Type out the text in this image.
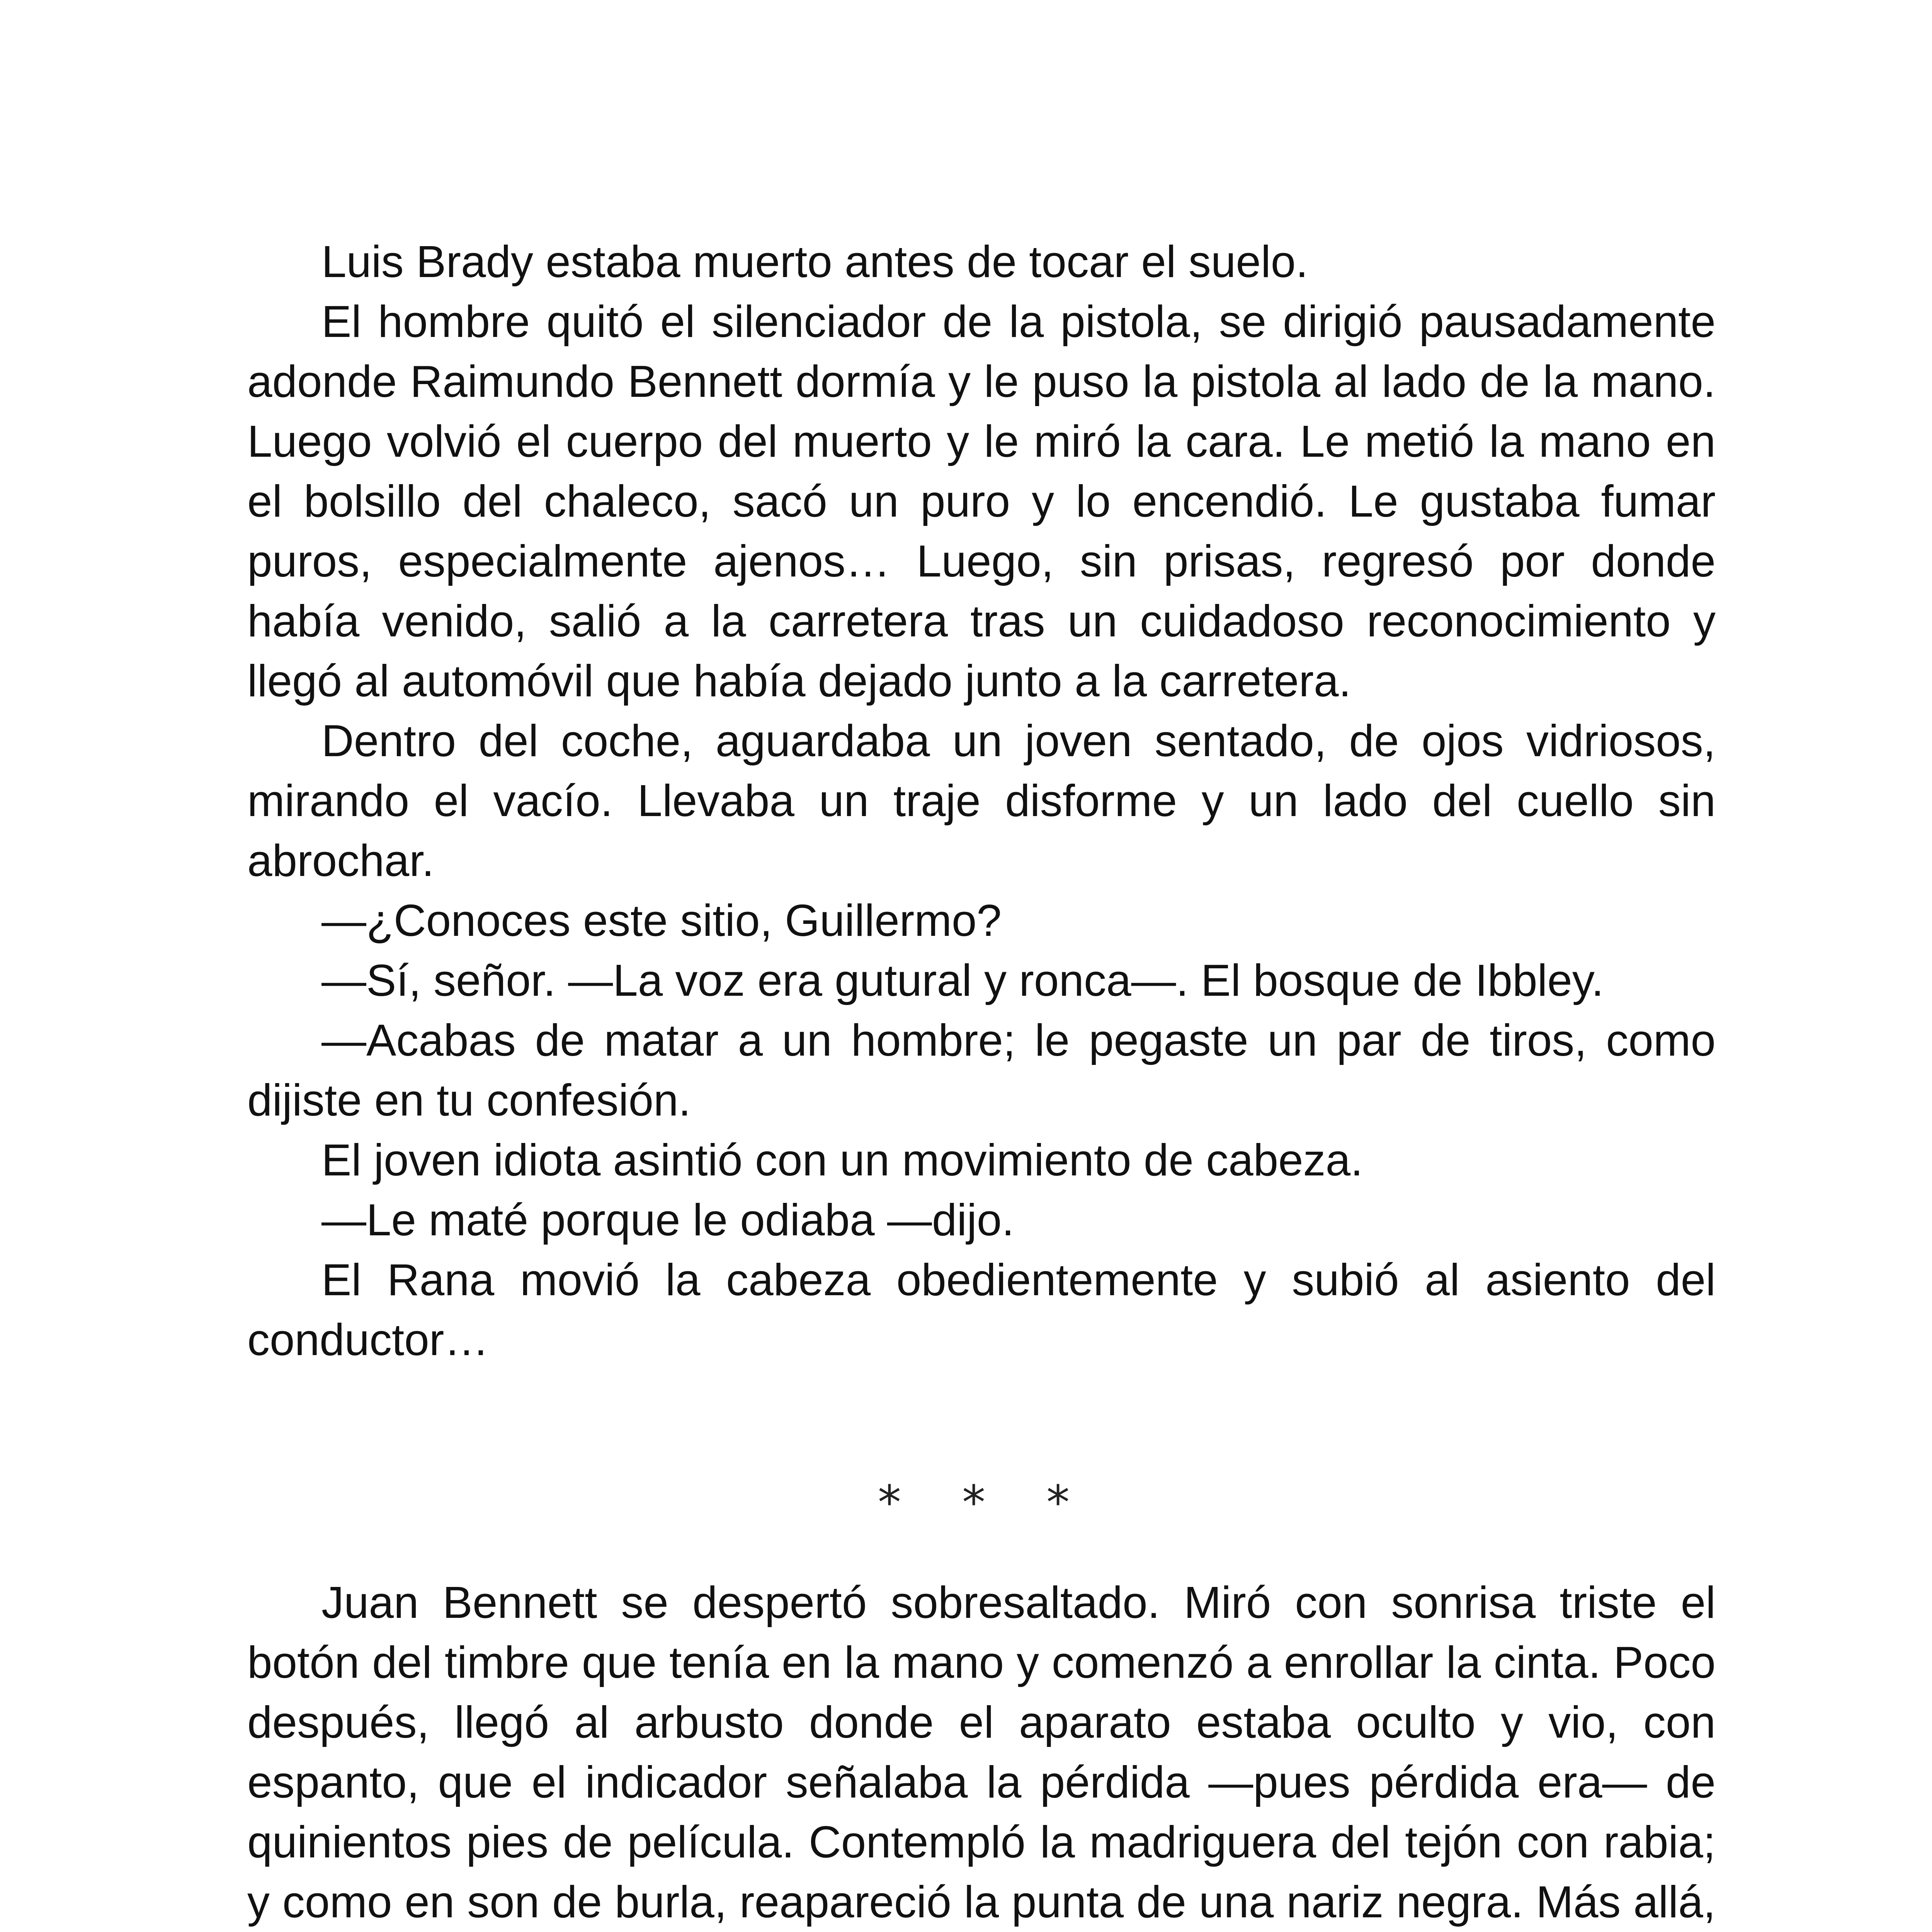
Luis Brady estaba muerto antes de tocar el suelo.

El hombre quitó el silenciador de la pistola, se dirigió pausadamente adonde Raimundo Bennett dormía y le puso la pistola al lado de la mano. Luego volvió el cuerpo del muerto y le miró la cara. Le metió la mano en el bolsillo del chaleco, sacó un puro y lo encendió. Le gustaba fumar puros, especialmente ajenos… Luego, sin prisas, regresó por donde había venido, salió a la carretera tras un cuidadoso reconocimiento y llegó al automóvil que había dejado junto a la carretera.

Dentro del coche, aguardaba un joven sentado, de ojos vidriosos, mirando el vacío. Llevaba un traje disforme y un lado del cuello sin abrochar.

—¿Conoces este sitio, Guillermo?

—Sí, señor. —La voz era gutural y ronca—. El bosque de Ibbley.

—Acabas de matar a un hombre; le pegaste un par de tiros, como dijiste en tu confesión.

El joven idiota asintió con un movimiento de cabeza.

—Le maté porque le odiaba —dijo.

El Rana movió la cabeza obedientemente y subió al asiento del conductor…

* * *

Juan Bennett se despertó sobresaltado. Miró con sonrisa triste el botón del timbre que tenía en la mano y comenzó a enrollar la cinta. Poco después, llegó al arbusto donde el aparato estaba oculto y vio, con espanto, que el indicador señalaba la pérdida —pues pérdida era— de quinientos pies de película. Contempló la madriguera del tejón con rabia; y como en son de burla, reapareció la punta de una nariz negra. Más allá,
